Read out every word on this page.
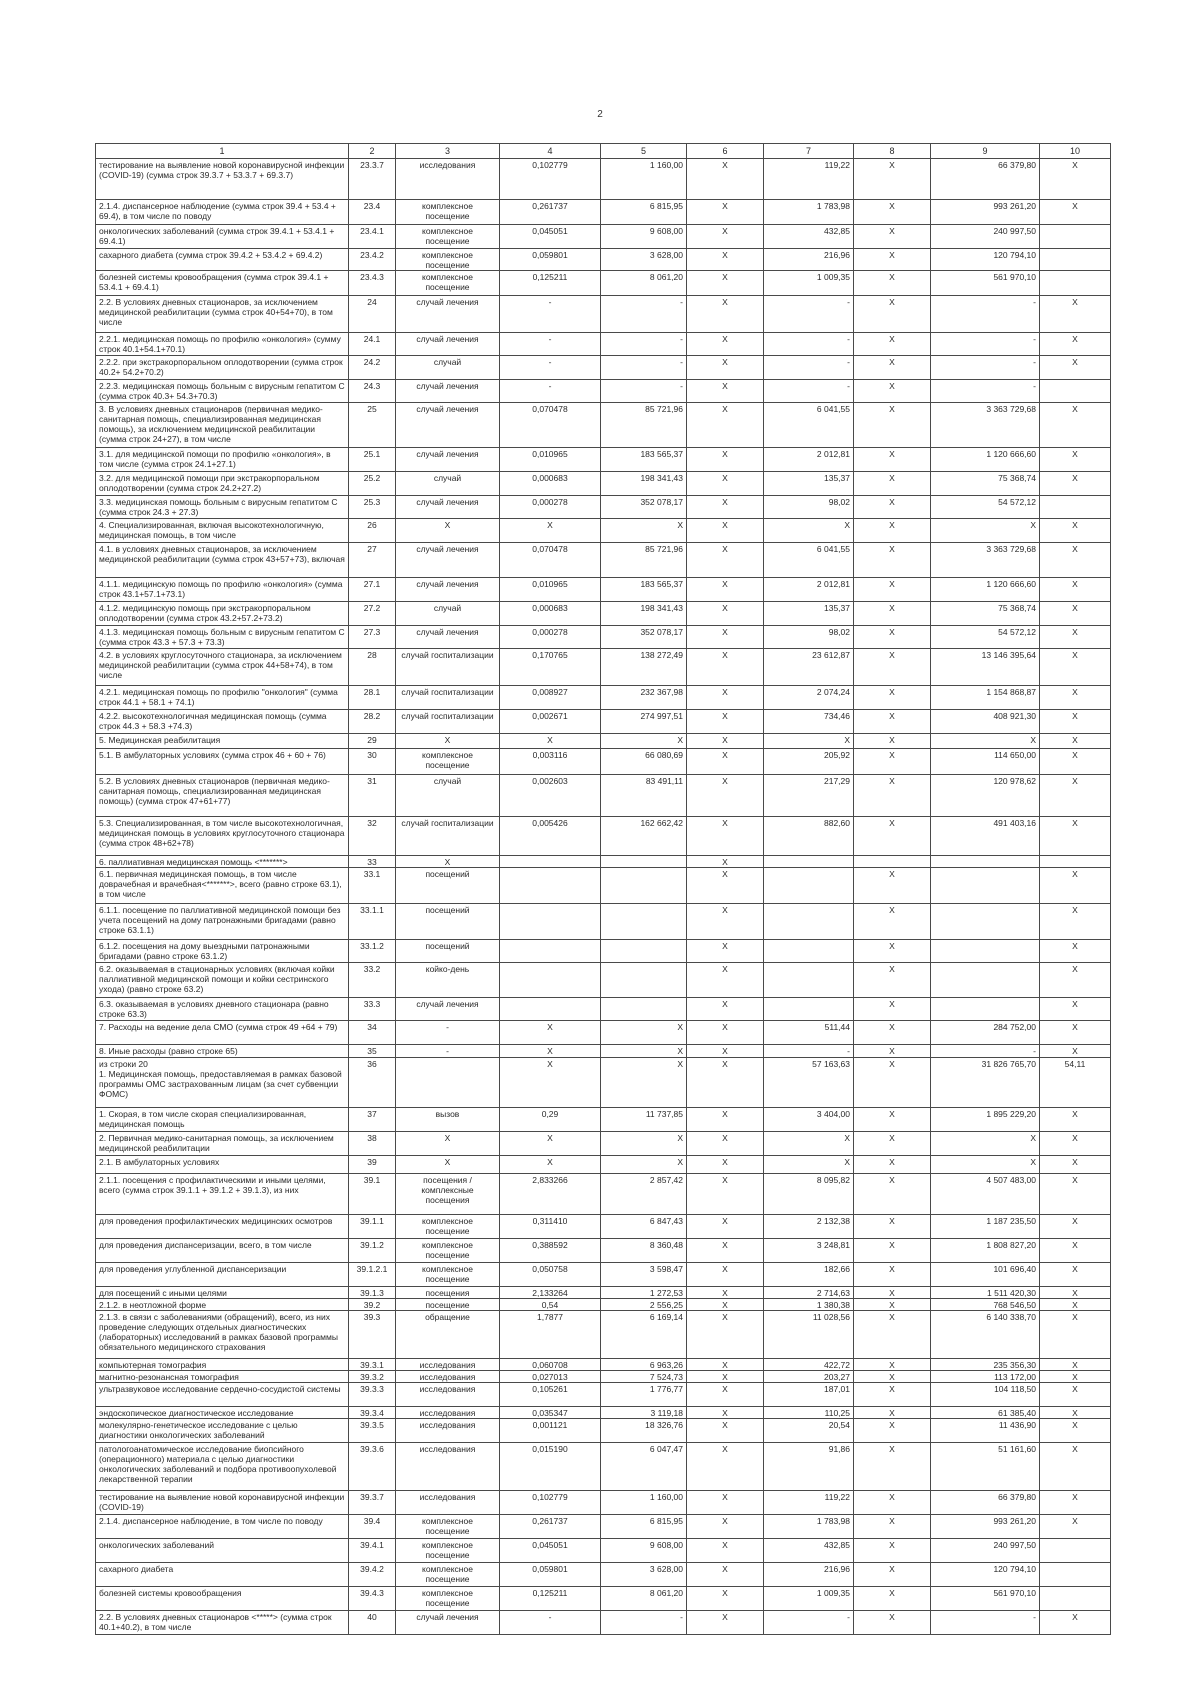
2
1	2	3	4	5	6	7	8	9	10

тестирование на выявление новой коронавирусной инфекции (COVID-19) (сумма строк 39.3.7 + 53.3.7 + 69.3.7)	23.3.7	исследования	0,102779	1 160,00	X	119,22	X	66 379,80	X

2.1.4. диспансерное наблюдение (сумма строк 39.4 + 53.4 + 69.4), в том числе по поводу	23.4	комплексное посещение	0,261737	6 815,95	X	1 783,98	X	993 261,20	X

онкологических заболеваний (сумма строк 39.4.1 + 53.4.1 + 69.4.1)	23.4.1	комплексное посещение	0,045051	9 608,00	X	432,85	X	240 997,50	

сахарного диабета (сумма строк 39.4.2 + 53.4.2 + 69.4.2)	23.4.2	комплексное посещение	0,059801	3 628,00	X	216,96	X	120 794,10	

болезней системы кровообращения (сумма строк 39.4.1 + 53.4.1 + 69.4.1)	23.4.3	комплексное посещение	0,125211	8 061,20	X	1 009,35	X	561 970,10	

2.2. В условиях дневных стационаров, за исключением медицинской реабилитации (сумма строк 40+54+70), в том числе	24	случай лечения	-	-	X	-	X	-	X

2.2.1. медицинская помощь по профилю «онкология» (сумму строк 40.1+54.1+70.1)	24.1	случай лечения	-	-	X	-	X	-	X

2.2.2. при экстракорпоральном оплодотворении (сумма строк 40.2+ 54.2+70.2)	24.2	случай	-	-	X	-	X	-	X

2.2.3. медицинская помощь больным с вирусным гепатитом С (сумма строк 40.3+ 54.3+70.3)	24.3	случай лечения	-	-	X	-	X	-	

3. В условиях дневных стационаров (первичная медико-санитарная помощь, специализированная медицинская помощь), за исключением медицинской реабилитации (сумма строк 24+27), в том числе	25	случай лечения	0,070478	85 721,96	X	6 041,55	X	3 363 729,68	X

3.1. для медицинской помощи по профилю «онкология», в том числе (сумма строк 24.1+27.1)	25.1	случай лечения	0,010965	183 565,37	X	2 012,81	X	1 120 666,60	X

3.2. для медицинской помощи при экстракорпоральном оплодотворении (сумма строк 24.2+27.2)	25.2	случай	0,000683	198 341,43	X	135,37	X	75 368,74	X

3.3. медицинская помощь больным с вирусным гепатитом С (сумма строк 24.3 + 27.3)	25.3	случай лечения	0,000278	352 078,17	X	98,02	X	54 572,12	

4. Специализированная, включая высокотехнологичную, медицинская помощь, в том числе	26	X	X	X	X	X	X	X	X

4.1. в условиях дневных стационаров, за исключением медицинской реабилитации (сумма строк 43+57+73), включая	27	случай лечения	0,070478	85 721,96	X	6 041,55	X	3 363 729,68	X

4.1.1. медицинскую помощь по профилю «онкология» (сумма строк 43.1+57.1+73.1)	27.1	случай лечения	0,010965	183 565,37	X	2 012,81	X	1 120 666,60	X

4.1.2. медицинскую помощь при экстракорпоральном оплодотворении (сумма строк 43.2+57.2+73.2)	27.2	случай	0,000683	198 341,43	X	135,37	X	75 368,74	X

4.1.3. медицинская помощь больным с вирусным гепатитом С (сумма строк 43.3 + 57.3 + 73.3)	27.3	случай лечения	0,000278	352 078,17	X	98,02	X	54 572,12	X

4.2. в условиях круглосуточного стационара, за исключением медицинской реабилитации (сумма строк 44+58+74), в том числе	28	случай госпитализации	0,170765	138 272,49	X	23 612,87	X	13 146 395,64	X

4.2.1. медицинская помощь по профилю "онкология" (сумма строк 44.1 + 58.1 + 74.1)	28.1	случай госпитализации	0,008927	232 367,98	X	2 074,24	X	1 154 868,87	X

4.2.2. высокотехнологичная медицинская помощь (сумма строк 44.3 + 58.3 +74.3)	28.2	случай госпитализации	0,002671	274 997,51	X	734,46	X	408 921,30	X

5. Медицинская реабилитация	29	X	X	X	X	X	X	X	X

5.1. В амбулаторных условиях (сумма строк 46 + 60 + 76)	30	комплексное посещение	0,003116	66 080,69	X	205,92	X	114 650,00	X

5.2. В условиях дневных стационаров (первичная медико-санитарная помощь, специализированная медицинская помощь) (сумма строк 47+61+77)	31	случай	0,002603	83 491,11	X	217,29	X	120 978,62	X

5.3. Специализированная, в том числе высокотехнологичная, медицинская помощь в условиях круглосуточного стационара (сумма строк 48+62+78)	32	случай госпитализации	0,005426	162 662,42	X	882,60	X	491 403,16	X

6. паллиативная медицинская помощь <*******>	33	X			X				

6.1. первичная медицинская помощь, в том числе доврачебная и врачебная<*******>, всего (равно строке 63.1), в том числе	33.1	посещений			X		X		X

6.1.1. посещение по паллиативной медицинской помощи без учета посещений на дому патронажными бригадами (равно строке 63.1.1)	33.1.1	посещений			X		X		X

6.1.2. посещения на дому выездными патронажными бригадами (равно строке 63.1.2)	33.1.2	посещений			X		X		X

6.2. оказываемая в стационарных условиях (включая койки паллиативной медицинской помощи и койки сестринского ухода) (равно строке 63.2)	33.2	койко-день			X		X		X

6.3. оказываемая в условиях дневного стационара (равно строке 63.3)	33.3	случай лечения			X		X		X

7. Расходы на ведение дела СМО (сумма строк 49 +64 + 79)	34	-	X	X	X	511,44	X	284 752,00	X

8. Иные расходы (равно строке 65)	35	-	X	X	X	-	X	-	X

из строки 20
1. Медицинская помощь, предоставляемая в рамках базовой программы ОМС застрахованным лицам (за счет субвенции ФОМС)	36		X	X	X	57 163,63	X	31 826 765,70	54,11

1. Скорая, в том числе скорая специализированная, медицинская помощь	37	вызов	0,29	11 737,85	X	3 404,00	X	1 895 229,20	X

2. Первичная медико-санитарная помощь, за исключением медицинской реабилитации	38	X	X	X	X	X	X	X	X

2.1. В амбулаторных условиях	39	X	X	X	X	X	X	X	X

2.1.1. посещения с профилактическими и иными целями, всего (сумма строк 39.1.1 + 39.1.2 + 39.1.3), из них	39.1	посещения / комплексные посещения	2,833266	2 857,42	X	8 095,82	X	4 507 483,00	X

для проведения профилактических медицинских осмотров	39.1.1	комплексное посещение	0,311410	6 847,43	X	2 132,38	X	1 187 235,50	X

для проведения диспансеризации, всего, в том числе	39.1.2	комплексное посещение	0,388592	8 360,48	X	3 248,81	X	1 808 827,20	X

для проведения углубленной диспансеризации	39.1.2.1	комплексное посещение	0,050758	3 598,47	X	182,66	X	101 696,40	X

для посещений с иными целями	39.1.3	посещения	2,133264	1 272,53	X	2 714,63	X	1 511 420,30	X

2.1.2. в неотложной форме	39.2	посещение	0,54	2 556,25	X	1 380,38	X	768 546,50	X

2.1.3. в связи с заболеваниями (обращений), всего, из них проведение следующих отдельных диагностических (лабораторных) исследований в рамках базовой программы обязательного медицинского страхования	39.3	обращение	1,7877	6 169,14	X	11 028,56	X	6 140 338,70	X

компьютерная томография	39.3.1	исследования	0,060708	6 963,26	X	422,72	X	235 356,30	X

магнитно-резонансная томография	39.3.2	исследования	0,027013	7 524,73	X	203,27	X	113 172,00	X

ультразвуковое исследование сердечно-сосудистой системы	39.3.3	исследования	0,105261	1 776,77	X	187,01	X	104 118,50	X

эндоскопическое диагностическое исследование	39.3.4	исследования	0,035347	3 119,18	X	110,25	X	61 385,40	X

молекулярно-генетическое исследование с целью диагностики онкологических заболеваний	39.3.5	исследования	0,001121	18 326,76	X	20,54	X	11 436,90	X

патологоанатомическое исследование биопсийного (операционного) материала с целью диагностики онкологических заболеваний и подбора противоопухолевой лекарственной терапии	39.3.6	исследования	0,015190	6 047,47	X	91,86	X	51 161,60	X

тестирование на выявление новой коронавирусной инфекции (COVID-19)	39.3.7	исследования	0,102779	1 160,00	X	119,22	X	66 379,80	X

2.1.4. диспансерное наблюдение, в том числе по поводу	39.4	комплексное посещение	0,261737	6 815,95	X	1 783,98	X	993 261,20	X

онкологических заболеваний	39.4.1	комплексное посещение	0,045051	9 608,00	X	432,85	X	240 997,50	

сахарного диабета	39.4.2	комплексное посещение	0,059801	3 628,00	X	216,96	X	120 794,10	

болезней системы кровообращения	39.4.3	комплексное посещение	0,125211	8 061,20	X	1 009,35	X	561 970,10	

2.2. В условиях дневных стационаров <*****> (сумма строк 40.1+40.2), в том числе	40	случай лечения	-	-	X	-	X	-	X
